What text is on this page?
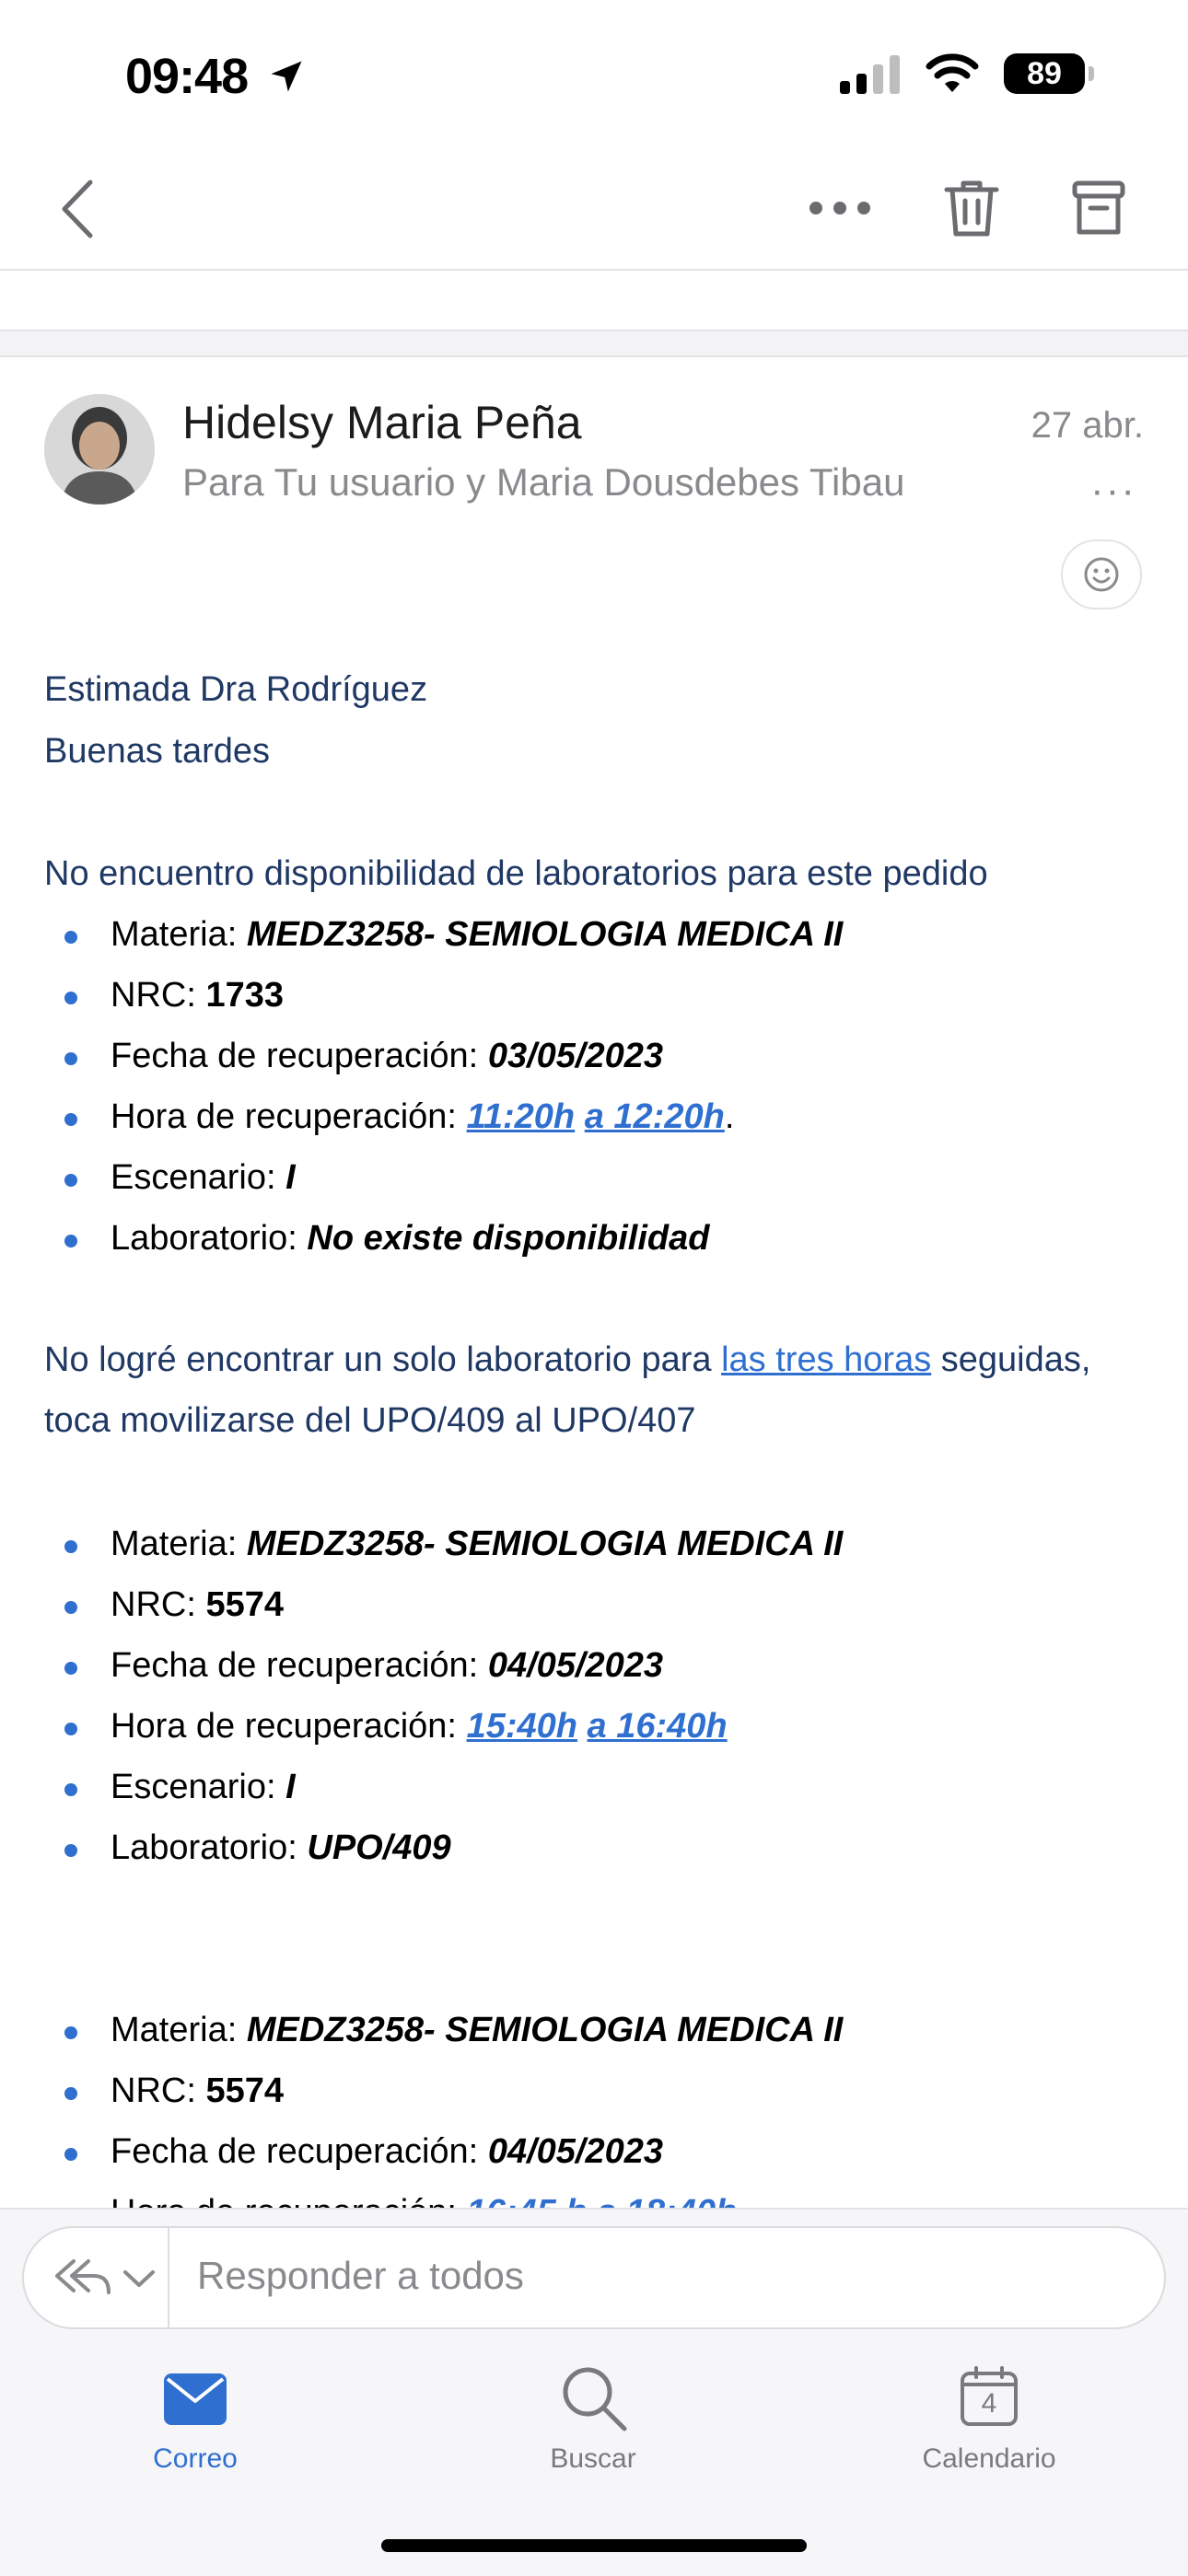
09:48	89
Hidelsy Maria Peña
Para Tu usuario y Maria Dousdebes Tibau
27 abr.
···
Estimada Dra Rodríguez
Buenas tardes
No encuentro disponibilidad de laboratorios para este pedido
Materia: MEDZ3258- SEMIOLOGIA MEDICA II
NRC: 1733
Fecha de recuperación: 03/05/2023
Hora de recuperación: 11:20h a 12:20h.
Escenario: I
Laboratorio: No existe disponibilidad
No logré encontrar un solo laboratorio para las tres horas seguidas,
toca movilizarse del UPO/409 al UPO/407
Materia: MEDZ3258- SEMIOLOGIA MEDICA II
NRC: 5574
Fecha de recuperación: 04/05/2023
Hora de recuperación: 15:40h a 16:40h
Escenario: I
Laboratorio: UPO/409
Materia: MEDZ3258- SEMIOLOGIA MEDICA II
NRC: 5574
Fecha de recuperación: 04/05/2023
Responder a todos
Correo	Buscar
4
Calendario
